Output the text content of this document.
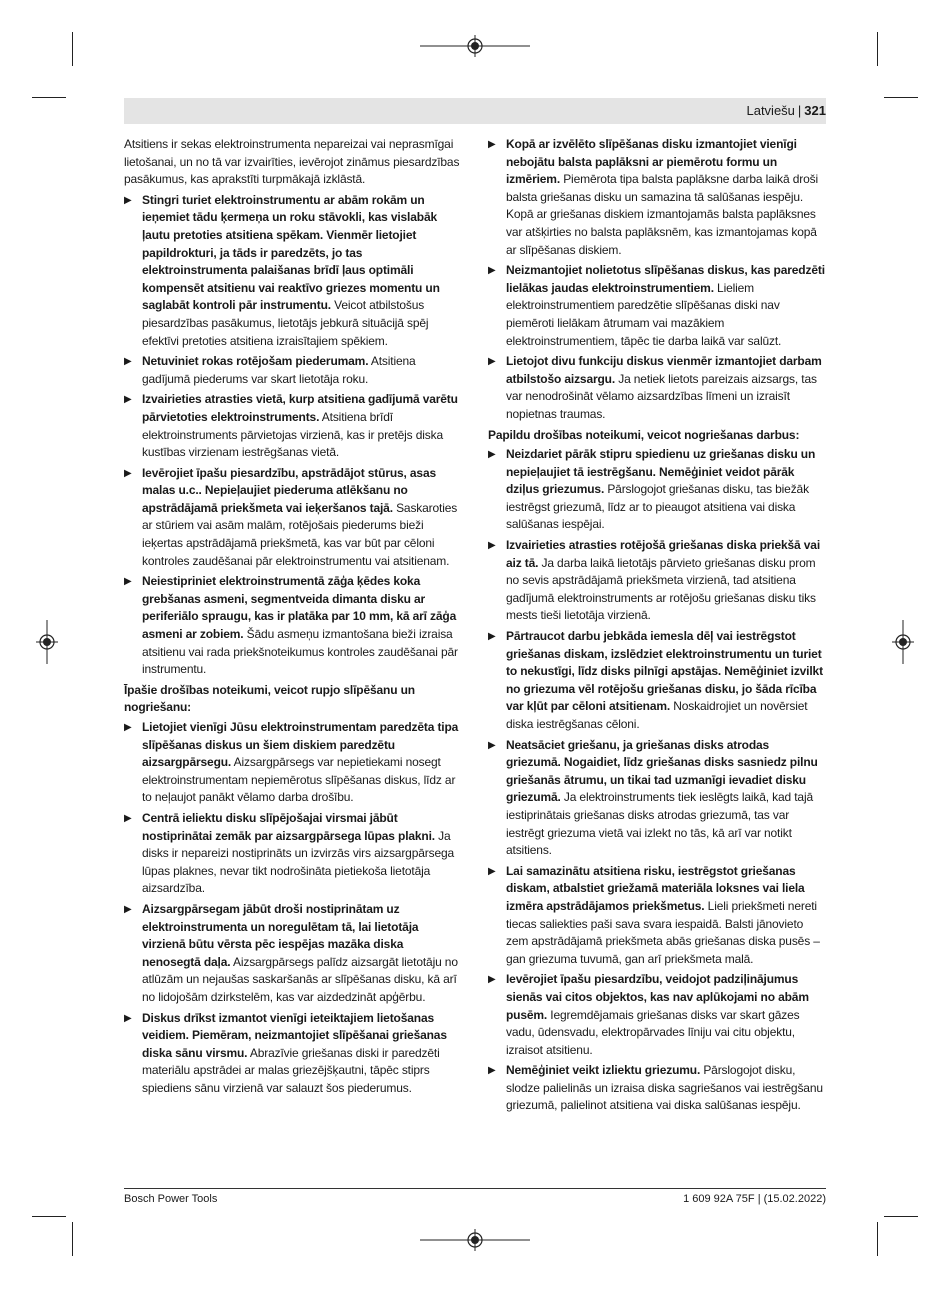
Latviešu | 321

Atsitiens ir sekas elektroinstrumenta nepareizai vai neprasmīgai lietošanai, un no tā var izvairīties, ievērojot zināmus piesardzības pasākumus, kas aprakstīti turpmākajā izklāstā.

▶ Stingri turiet elektroinstrumentu ar abām rokām un ieņemiet tādu ķermeņa un roku stāvokli, kas vislabāk ļautu pretoties atsitiena spēkam. Vienmēr lietojiet papildrokturi, ja tāds ir paredzēts, jo tas elektroinstrumenta palaišanas brīdī ļaus optimāli kompensēt atsitienu vai reaktīvo griezes momentu un saglabāt kontroli pār instrumentu. Veicot atbilstošus piesardzības pasākumus, lietotājs jebkurā situācijā spēj efektīvi pretoties atsitiena izraisītajiem spēkiem.
▶ Netuviniet rokas rotējošam piederumam. Atsitiena gadījumā piederums var skart lietotāja roku.
▶ Izvairieties atrasties vietā, kurp atsitiena gadījumā varētu pārvietoties elektroinstruments. Atsitiena brīdī elektroinstruments pārvietojas virzienā, kas ir pretējs diska kustības virzienam iestrēgšanas vietā.
▶ Ievērojiet īpašu piesardzību, apstrādājot stūrus, asas malas u.c.. Nepieļaujiet piederuma atlēkšanu no apstrādājamā priekšmeta vai ieķeršanos tajā. Saskaroties ar stūriem vai asām malām, rotējošais piederums bieži ieķertas apstrādājamā priekšmetā, kas var būt par cēloni kontroles zaudēšanai pār elektroinstrumentu vai atsitienam.
▶ Neiestipriniet elektroinstrumentā zāģa ķēdes koka grebšanas asmeni, segmentveida dimanta disku ar periferiālo spraugu, kas ir platāka par 10 mm, kā arī zāģa asmeni ar zobiem. Šādu asmeņu izmantošana bieži izraisa atsitienu vai rada priekšnoteikumus kontroles zaudēšanai pār instrumentu.
Īpašie drošības noteikumi, veicot rupjo slīpēšanu un nogriešanu:
▶ Lietojiet vienīgi Jūsu elektroinstrumentam paredzēta tipa slīpēšanas diskus un šiem diskiem paredzētu aizsargpārsegu. Aizsargpārsegs var nepietiekami nosegt elektroinstrumentam nepiemērotus slīpēšanas diskus, līdz ar to neļaujot panākt vēlamo darba drošību.
▶ Centrā ieliektu disku slīpējošajai virsmai jābūt nostiprinātai zemāk par aizsargpārsega lūpas plakni. Ja disks ir nepareizi nostiprināts un izvirzās virs aizsargpārsega lūpas plaknes, nevar tikt nodrošināta pietiekoša lietotāja aizsardzība.
▶ Aizsargpārsegam jābūt droši nostiprinātam uz elektroinstrumenta un noregulētam tā, lai lietotāja virzienā būtu vērsta pēc iespējas mazāka diska nenosegtā daļa. Aizsargpārsegs palīdz aizsargāt lietotāju no atlūzām un nejaušas saskaršanās ar slīpēšanas disku, kā arī no lidojošām dzirkstelēm, kas var aizdedzināt apģērbu.
▶ Diskus drīkst izmantot vienīgi ieteiktajiem lietošanas veidiem. Piemēram, neizmantojiet slīpēšanai griešanas diska sānu virsmu. Abrazīvie griešanas diski ir paredzēti materiālu apstrādei ar malas griezējšķautni, tāpēc stiprs spiediens sānu virzienā var salauzt šos piederumus.
▶ Kopā ar izvēlēto slīpēšanas disku izmantojiet vienīgi nebojātu balsta paplāksni ar piemērotu formu un izmēriem. Piemērota tipa balsta paplāksne darba laikā droši balsta griešanas disku un samazina tā salūšanas iespēju. Kopā ar griešanas diskiem izmantojamās balsta paplāksnes var atšķirties no balsta paplāksnēm, kas izmantojamas kopā ar slīpēšanas diskiem.
▶ Neizmantojiet nolietotus slīpēšanas diskus, kas paredzēti lielākas jaudas elektroinstrumentiem. Lieliem elektroinstrumentiem paredzētie slīpēšanas diski nav piemēroti lielākam ātrumam vai mazākiem elektroinstrumentiem, tāpēc tie darba laikā var salūzt.
▶ Lietojot divu funkciju diskus vienmēr izmantojiet darbam atbilstošo aizsargu. Ja netiek lietots pareizais aizsargs, tas var nenodrošināt vēlamo aizsardzības līmeni un izraisīt nopietnas traumas.
Papildu drošības noteikumi, veicot nogriešanas darbus:
▶ Neizdariet pārāk stipru spiedienu uz griešanas disku un nepieļaujiet tā iestrēgšanu. Nemēģiniet veidot pārāk dziļus griezumus. Pārslogojot griešanas disku, tas biežāk iestrēgst griezumā, līdz ar to pieaugot atsitiena vai diska salūšanas iespējai.
▶ Izvairieties atrasties rotējošā griešanas diska priekšā vai aiz tā. Ja darba laikā lietotājs pārvieto griešanas disku prom no sevis apstrādājamā priekšmeta virzienā, tad atsitiena gadījumā elektroinstruments ar rotējošu griešanas disku tiks mests tieši lietotāja virzienā.
▶ Pārtraucot darbu jebkāda iemesla dēļ vai iestrēgstot griešanas diskam, izslēdziet elektroinstrumentu un turiet to nekustīgi, līdz disks pilnīgi apstājas. Nemēģiniet izvilkt no griezuma vēl rotējošu griešanas disku, jo šāda rīcība var kļūt par cēloni atsitienam. Noskaidrojiet un novērsiet diska iestrēgšanas cēloni.
▶ Neatsāciet griešanu, ja griešanas disks atrodas griezumā. Nogaidiet, līdz griešanas disks sasniedz pilnu griešanās ātrumu, un tikai tad uzmanīgi ievadiet disku griezumā. Ja elektroinstruments tiek ieslēgts laikā, kad tajā iestiprinātais griešanas disks atrodas griezumā, tas var iestrēgt griezuma vietā vai izlekt no tās, kā arī var notikt atsitiens.
▶ Lai samazinātu atsitiena risku, iestrēgstot griešanas diskam, atbalstiet griežamā materiāla loksnes vai liela izmēra apstrādājamos priekšmetus. Lieli priekšmeti nereti tiecas saliekties paši sava svara iespaidā. Balsti jānovieto zem apstrādājamā priekšmeta abās griešanas diska pusēs – gan griezuma tuvumā, gan arī priekšmeta malā.
▶ Ievērojiet īpašu piesardzību, veidojot padziļinājumus sienās vai citos objektos, kas nav aplūkojami no abām pusēm. Iegremdējamais griešanas disks var skart gāzes vadu, ūdensvadu, elektropārvades līniju vai citu objektu, izraisot atsitienu.
▶ Nemēģiniet veikt izliektu griezumu. Pārslogojot disku, slodze palielinās un izraisa diska sagriešanos vai iestrēgšanu griezumā, palielinot atsitiena vai diska salūšanas iespēju.
Bosch Power Tools	1 609 92A 75F | (15.02.2022)
